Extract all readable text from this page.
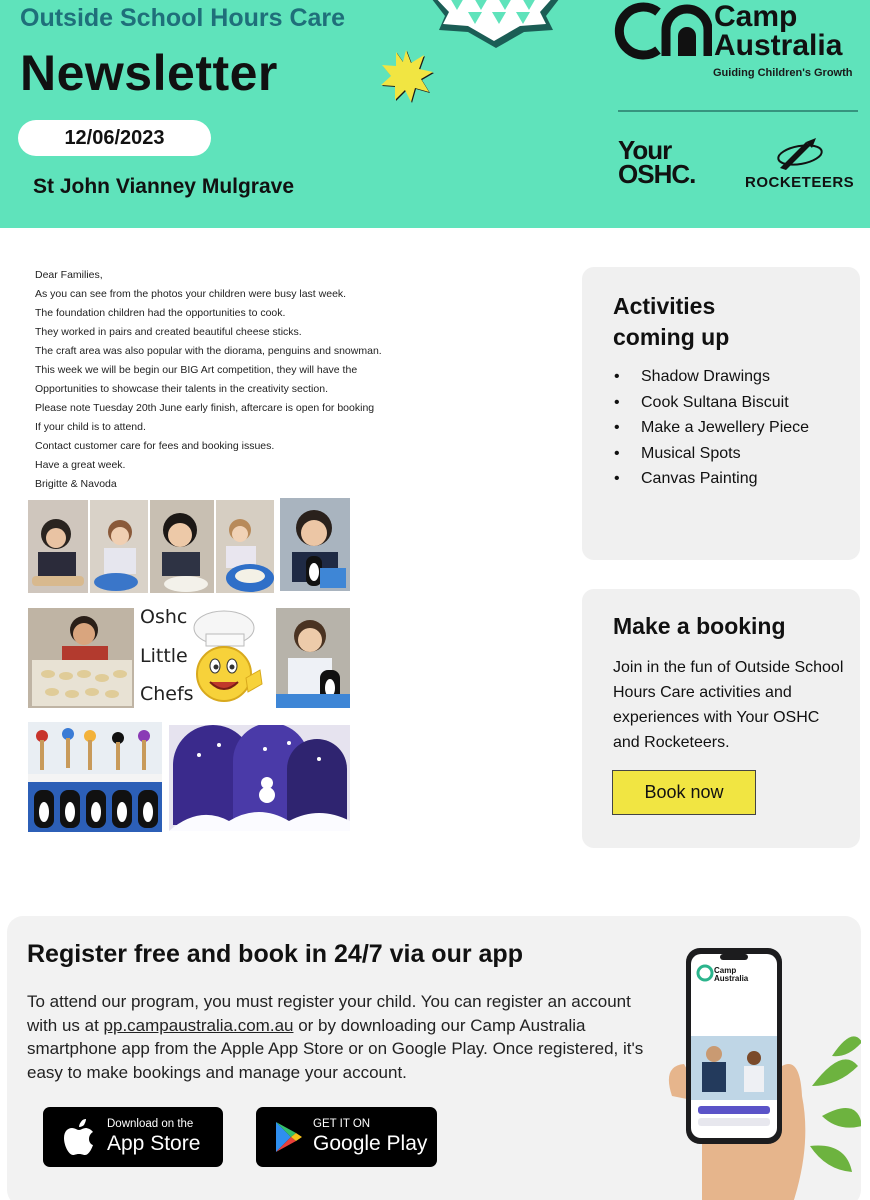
Outside School Hours Care
Newsletter
12/06/2023
St John Vianney Mulgrave
Camp
Australia
Guiding Children's Growth
Your
OSHC.	ROCKETEERS

Dear Families,

As you can see from the photos your children were busy last week.

The foundation children had the opportunities to cook.

They worked in pairs and created beautiful cheese sticks.

The craft area was also popular with the diorama, penguins and snowman.

This week we will be begin our BIG Art competition, they will have the

Opportunities to showcase their talents in the creativity section.

Please note Tuesday 20th June early finish, aftercare is open for booking

If your child is to attend.

Contact customer care for fees and booking issues.

Have a great week.

Brigitte & Navoda

Oshc
Little
Chefs
Activities
coming up
• Shadow Drawings
• Cook Sultana Biscuit
• Make a Jewellery Piece
• Musical Spots
• Canvas Painting
Make a booking
Join in the fun of Outside School Hours Care activities and experiences with Your OSHC and Rocketeers.
Book now
Register free and book in 24/7 via our app
To attend our program, you must register your child. You can register an account with us at pp.campaustralia.com.au or by downloading our Camp Australia smartphone app from the Apple App Store or on Google Play. Once registered, it's easy to make bookings and manage your account.
Download on the
App Store
GET IT ON
Google Play
Camp
Australia
